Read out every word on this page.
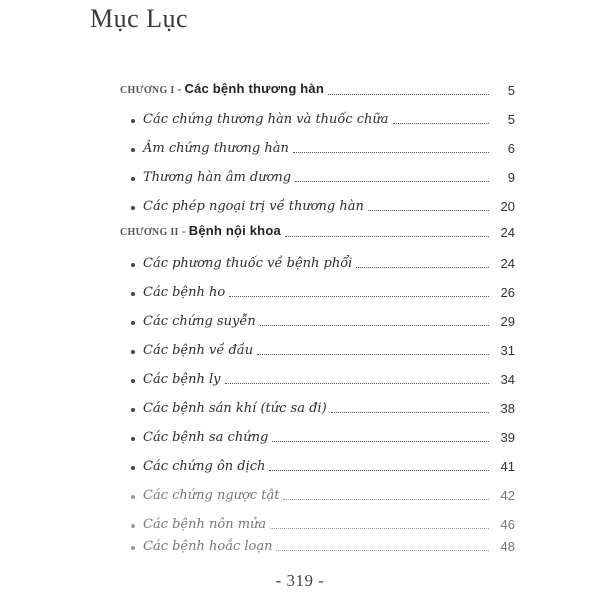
Mục Lục
CHƯƠNG I - Các bệnh thương hàn	5
Các chứng thương hàn và thuốc chữa	5
Âm chứng thương hàn	6
Thương hàn âm dương	9
Các phép ngoại trị về thương hàn	20
CHƯƠNG II - Bệnh nội khoa	24
Các phương thuốc về bệnh phổi	24
Các bệnh ho	26
Các chứng suyễn	29
Các bệnh về đầu	31
Các bệnh ly	34
Các bệnh sán khí (tức sa đi)	38
Các bệnh sa chứng	39
Các chứng ôn dịch	41
Các chứng ngược tật	42
Các bệnh nôn mửa	46
Các bệnh hoắc loạn	48
- 319 -
